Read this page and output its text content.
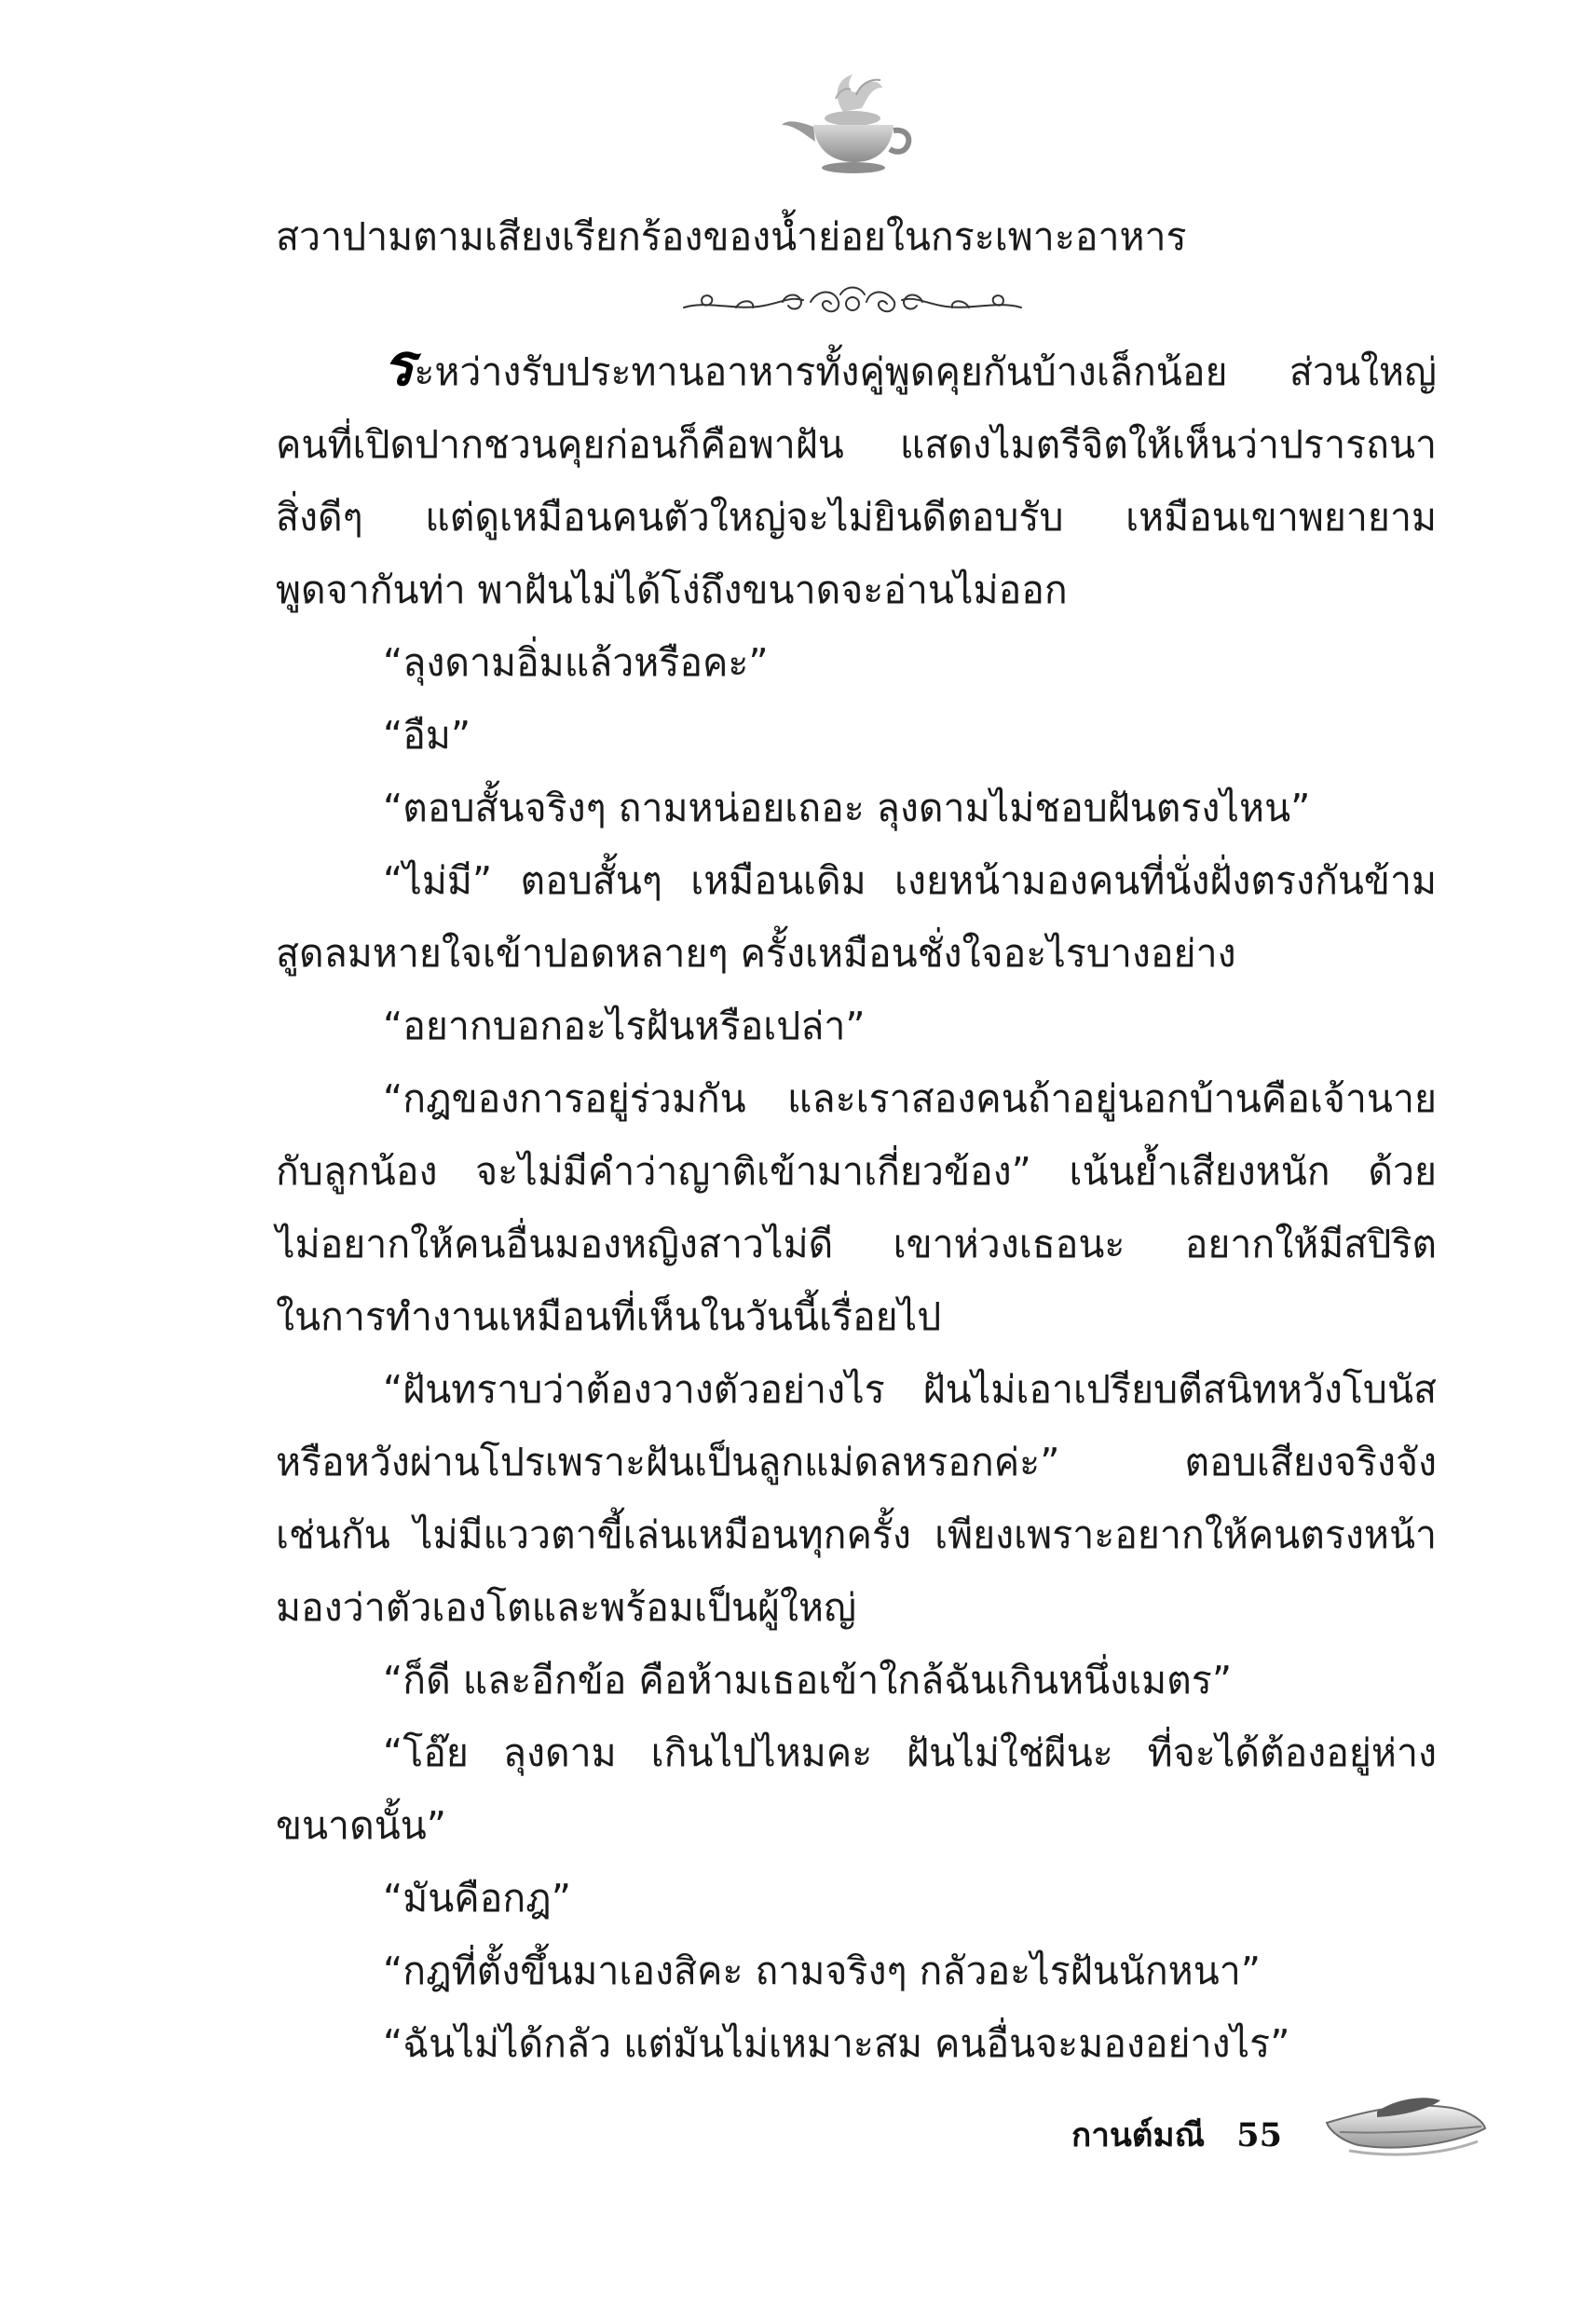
สวาปามตามเสียงเรียกร้องของน้ำย่อยในกระเพาะอาหาร
ระหว่างรับประทานอาหารทั้งคู่พูดคุยกันบ้างเล็กน้อย ส่วนใหญ่
คนที่เปิดปากชวนคุยก่อนก็คือพาฝัน แสดงไมตรีจิตให้เห็นว่าปรารถนา
สิ่งดีๆ แต่ดูเหมือนคนตัวใหญ่จะไม่ยินดีตอบรับ เหมือนเขาพยายาม
พูดจากันท่า พาฝันไม่ได้โง่ถึงขนาดจะอ่านไม่ออก
“ลุงดามอิ่มแล้วหรือคะ”
“อืม”
“ตอบสั้นจริงๆ ถามหน่อยเถอะ ลุงดามไม่ชอบฝันตรงไหน”
“ไม่มี” ตอบสั้นๆ เหมือนเดิม เงยหน้ามองคนที่นั่งฝั่งตรงกันข้าม
สูดลมหายใจเข้าปอดหลายๆ ครั้งเหมือนชั่งใจอะไรบางอย่าง
“อยากบอกอะไรฝันหรือเปล่า”
“กฎของการอยู่ร่วมกัน และเราสองคนถ้าอยู่นอกบ้านคือเจ้านาย
กับลูกน้อง จะไม่มีคำว่าญาติเข้ามาเกี่ยวข้อง” เน้นย้ำเสียงหนัก ด้วย
ไม่อยากให้คนอื่นมองหญิงสาวไม่ดี เขาห่วงเธอนะ อยากให้มีสปิริต
ในการทำงานเหมือนที่เห็นในวันนี้เรื่อยไป
“ฝันทราบว่าต้องวางตัวอย่างไร ฝันไม่เอาเปรียบตีสนิทหวังโบนัส
หรือหวังผ่านโปรเพราะฝันเป็นลูกแม่ดลหรอกค่ะ” ตอบเสียงจริงจัง
เช่นกัน ไม่มีแววตาขี้เล่นเหมือนทุกครั้ง เพียงเพราะอยากให้คนตรงหน้า
มองว่าตัวเองโตและพร้อมเป็นผู้ใหญ่
“ก็ดี และอีกข้อ คือห้ามเธอเข้าใกล้ฉันเกินหนึ่งเมตร”
“โอ๊ย ลุงดาม เกินไปไหมคะ ฝันไม่ใช่ผีนะ ที่จะได้ต้องอยู่ห่าง
ขนาดนั้น”
“มันคือกฎ”
“กฎที่ตั้งขึ้นมาเองสิคะ ถามจริงๆ กลัวอะไรฝันนักหนา”
“ฉันไม่ได้กลัว แต่มันไม่เหมาะสม คนอื่นจะมองอย่างไร”
กานต์มณี 55
